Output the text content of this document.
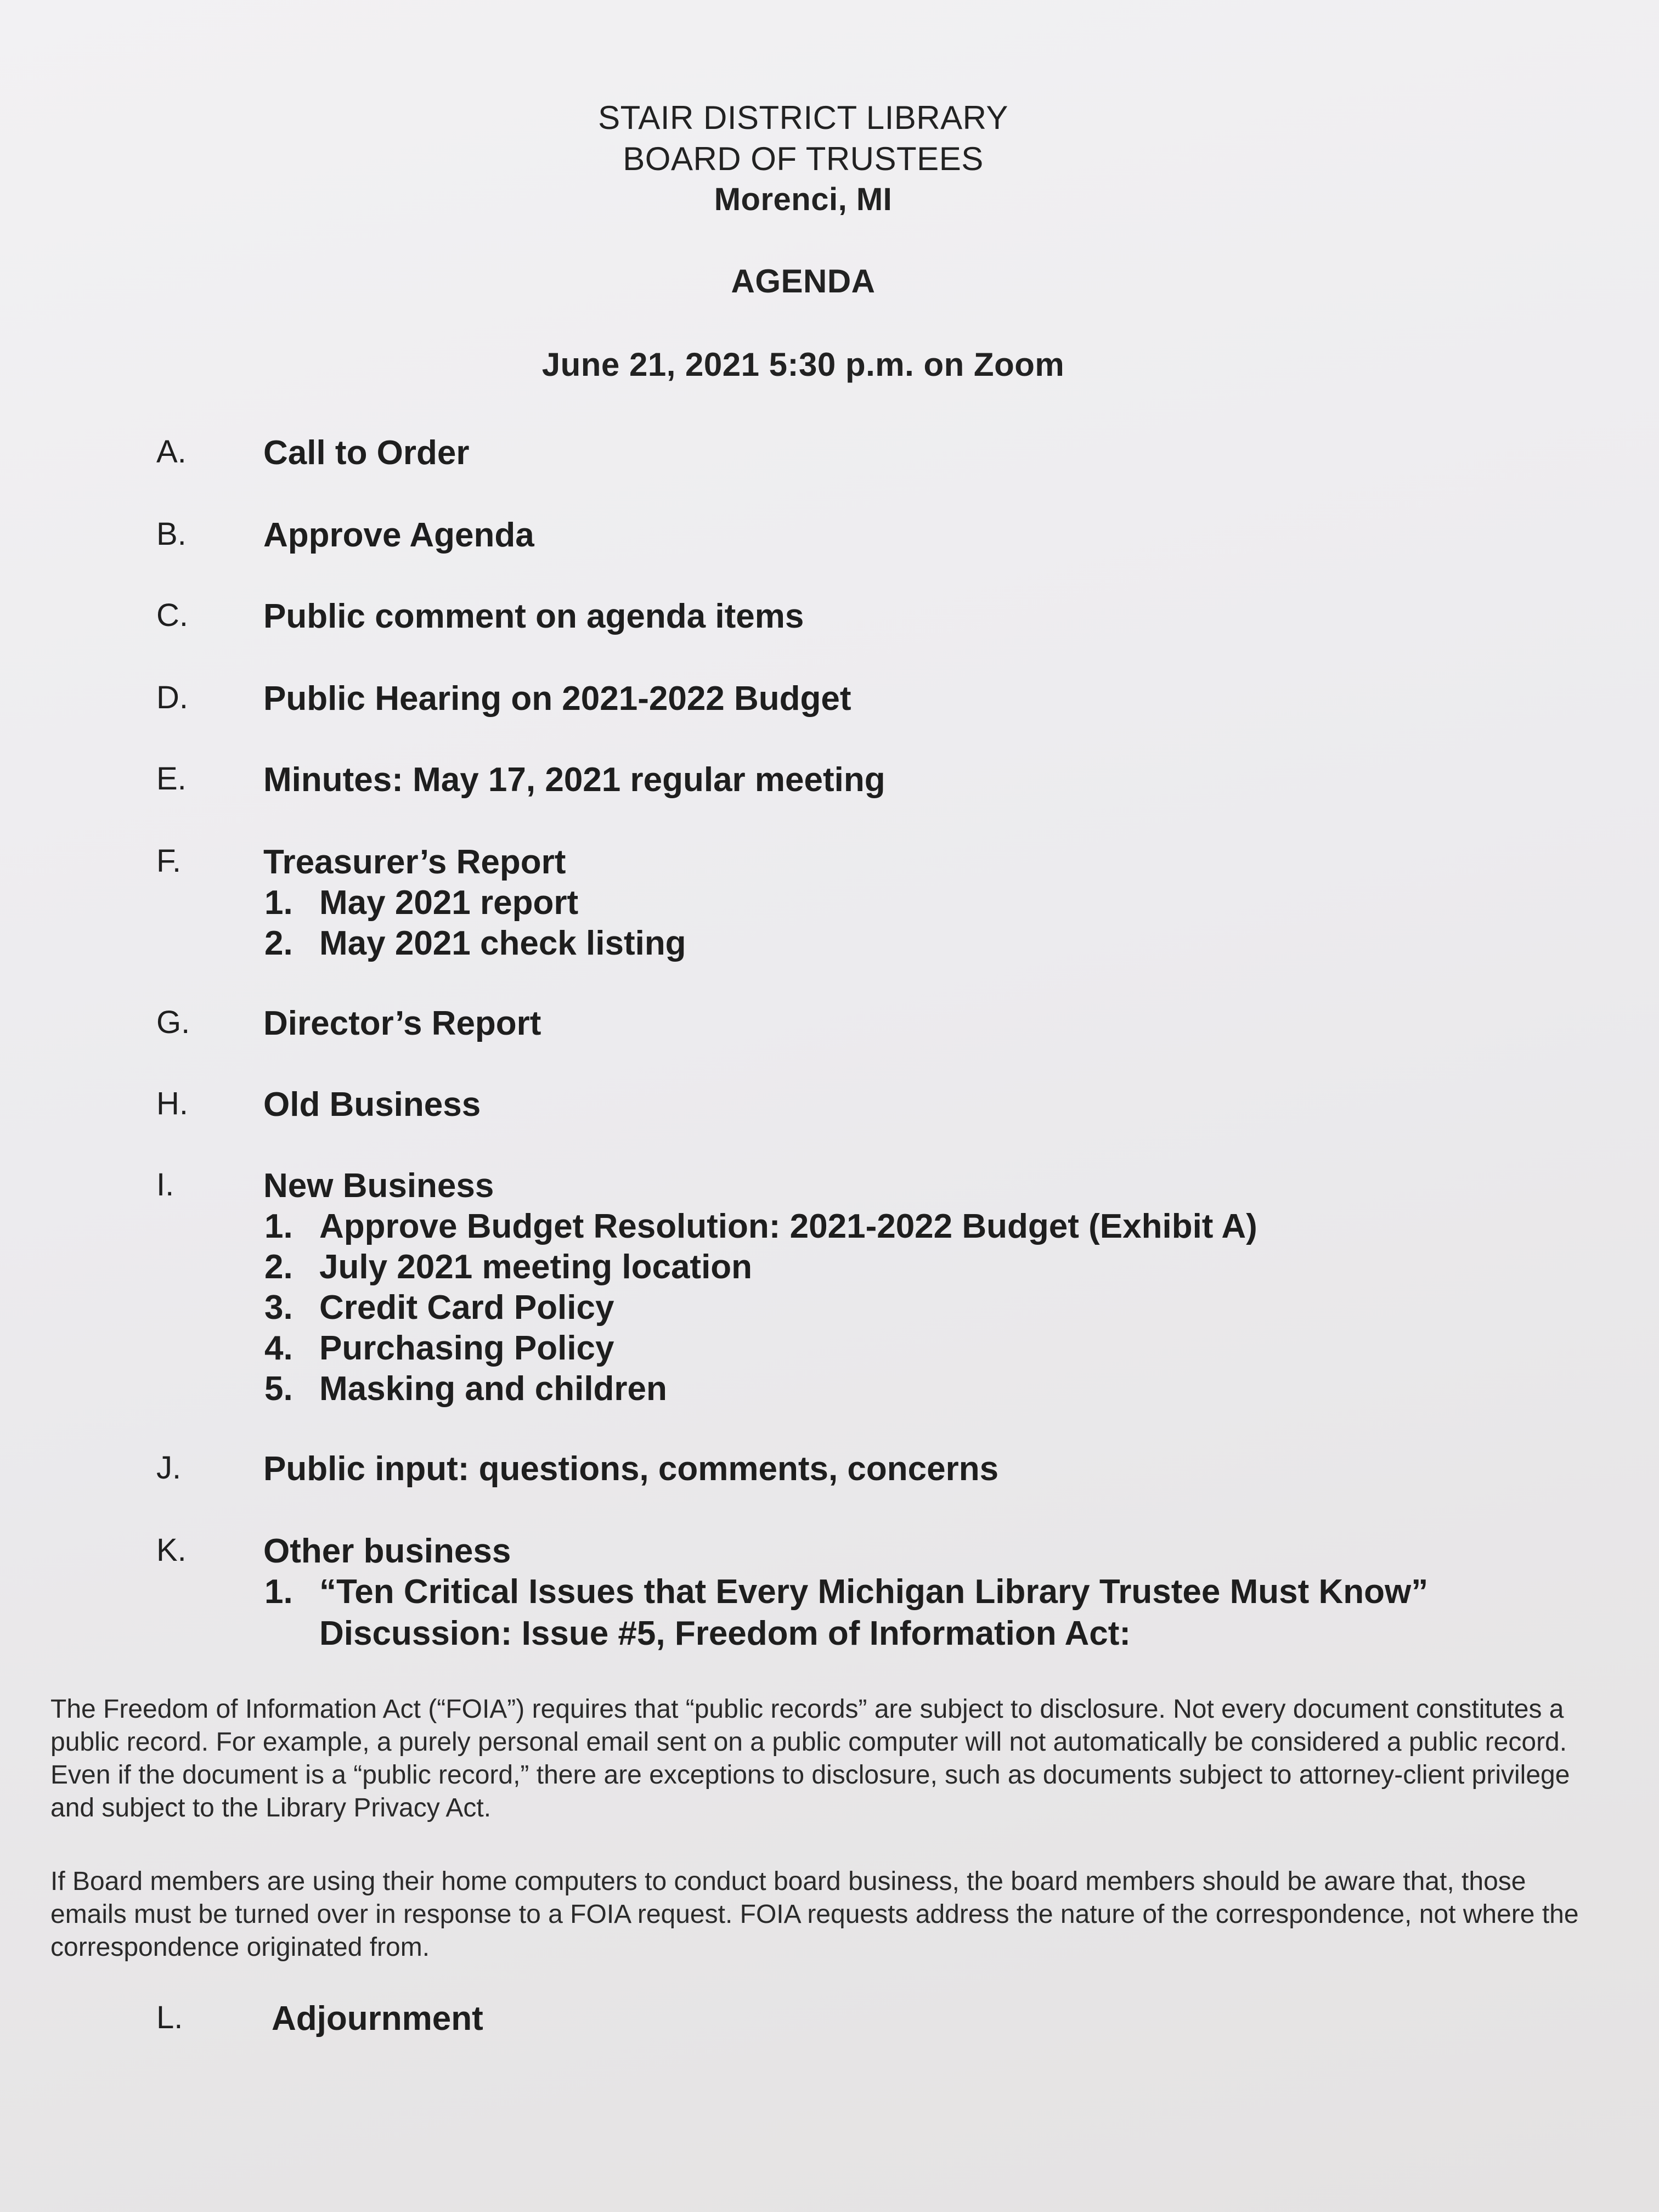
STAIR DISTRICT LIBRARY
BOARD OF TRUSTEES
Morenci, MI
AGENDA
June 21, 2021 5:30 p.m. on Zoom
A. Call to Order
B. Approve Agenda
C. Public comment on agenda items
D. Public Hearing on 2021-2022 Budget
E. Minutes: May 17, 2021 regular meeting
F. Treasurer’s Report
1. May 2021 report
2. May 2021 check listing
G. Director’s Report
H. Old Business
I.	New Business
1. Approve Budget Resolution: 2021-2022 Budget (Exhibit A)
2. July 2021 meeting location
3. Credit Card Policy
4. Purchasing Policy
5. Masking and children
J. Public input: questions, comments, concerns
K. Other business
1. “Ten Critical Issues that Every Michigan Library Trustee Must Know”
Discussion: Issue #5, Freedom of Information Act:

The Freedom of Information Act (“FOIA”) requires that “public records” are subject to disclosure. Not every document constitutes a public record. For example, a purely personal email sent on a public computer will not automatically be considered a public record. Even if the document is a “public record,” there are exceptions to disclosure, such as documents subject to attorney-client privilege and subject to the Library Privacy Act.

If Board members are using their home computers to conduct board business, the board members should be aware that, those emails must be turned over in response to a FOIA request. FOIA requests address the nature of the correspondence, not where the correspondence originated from.

L.	Adjournment
